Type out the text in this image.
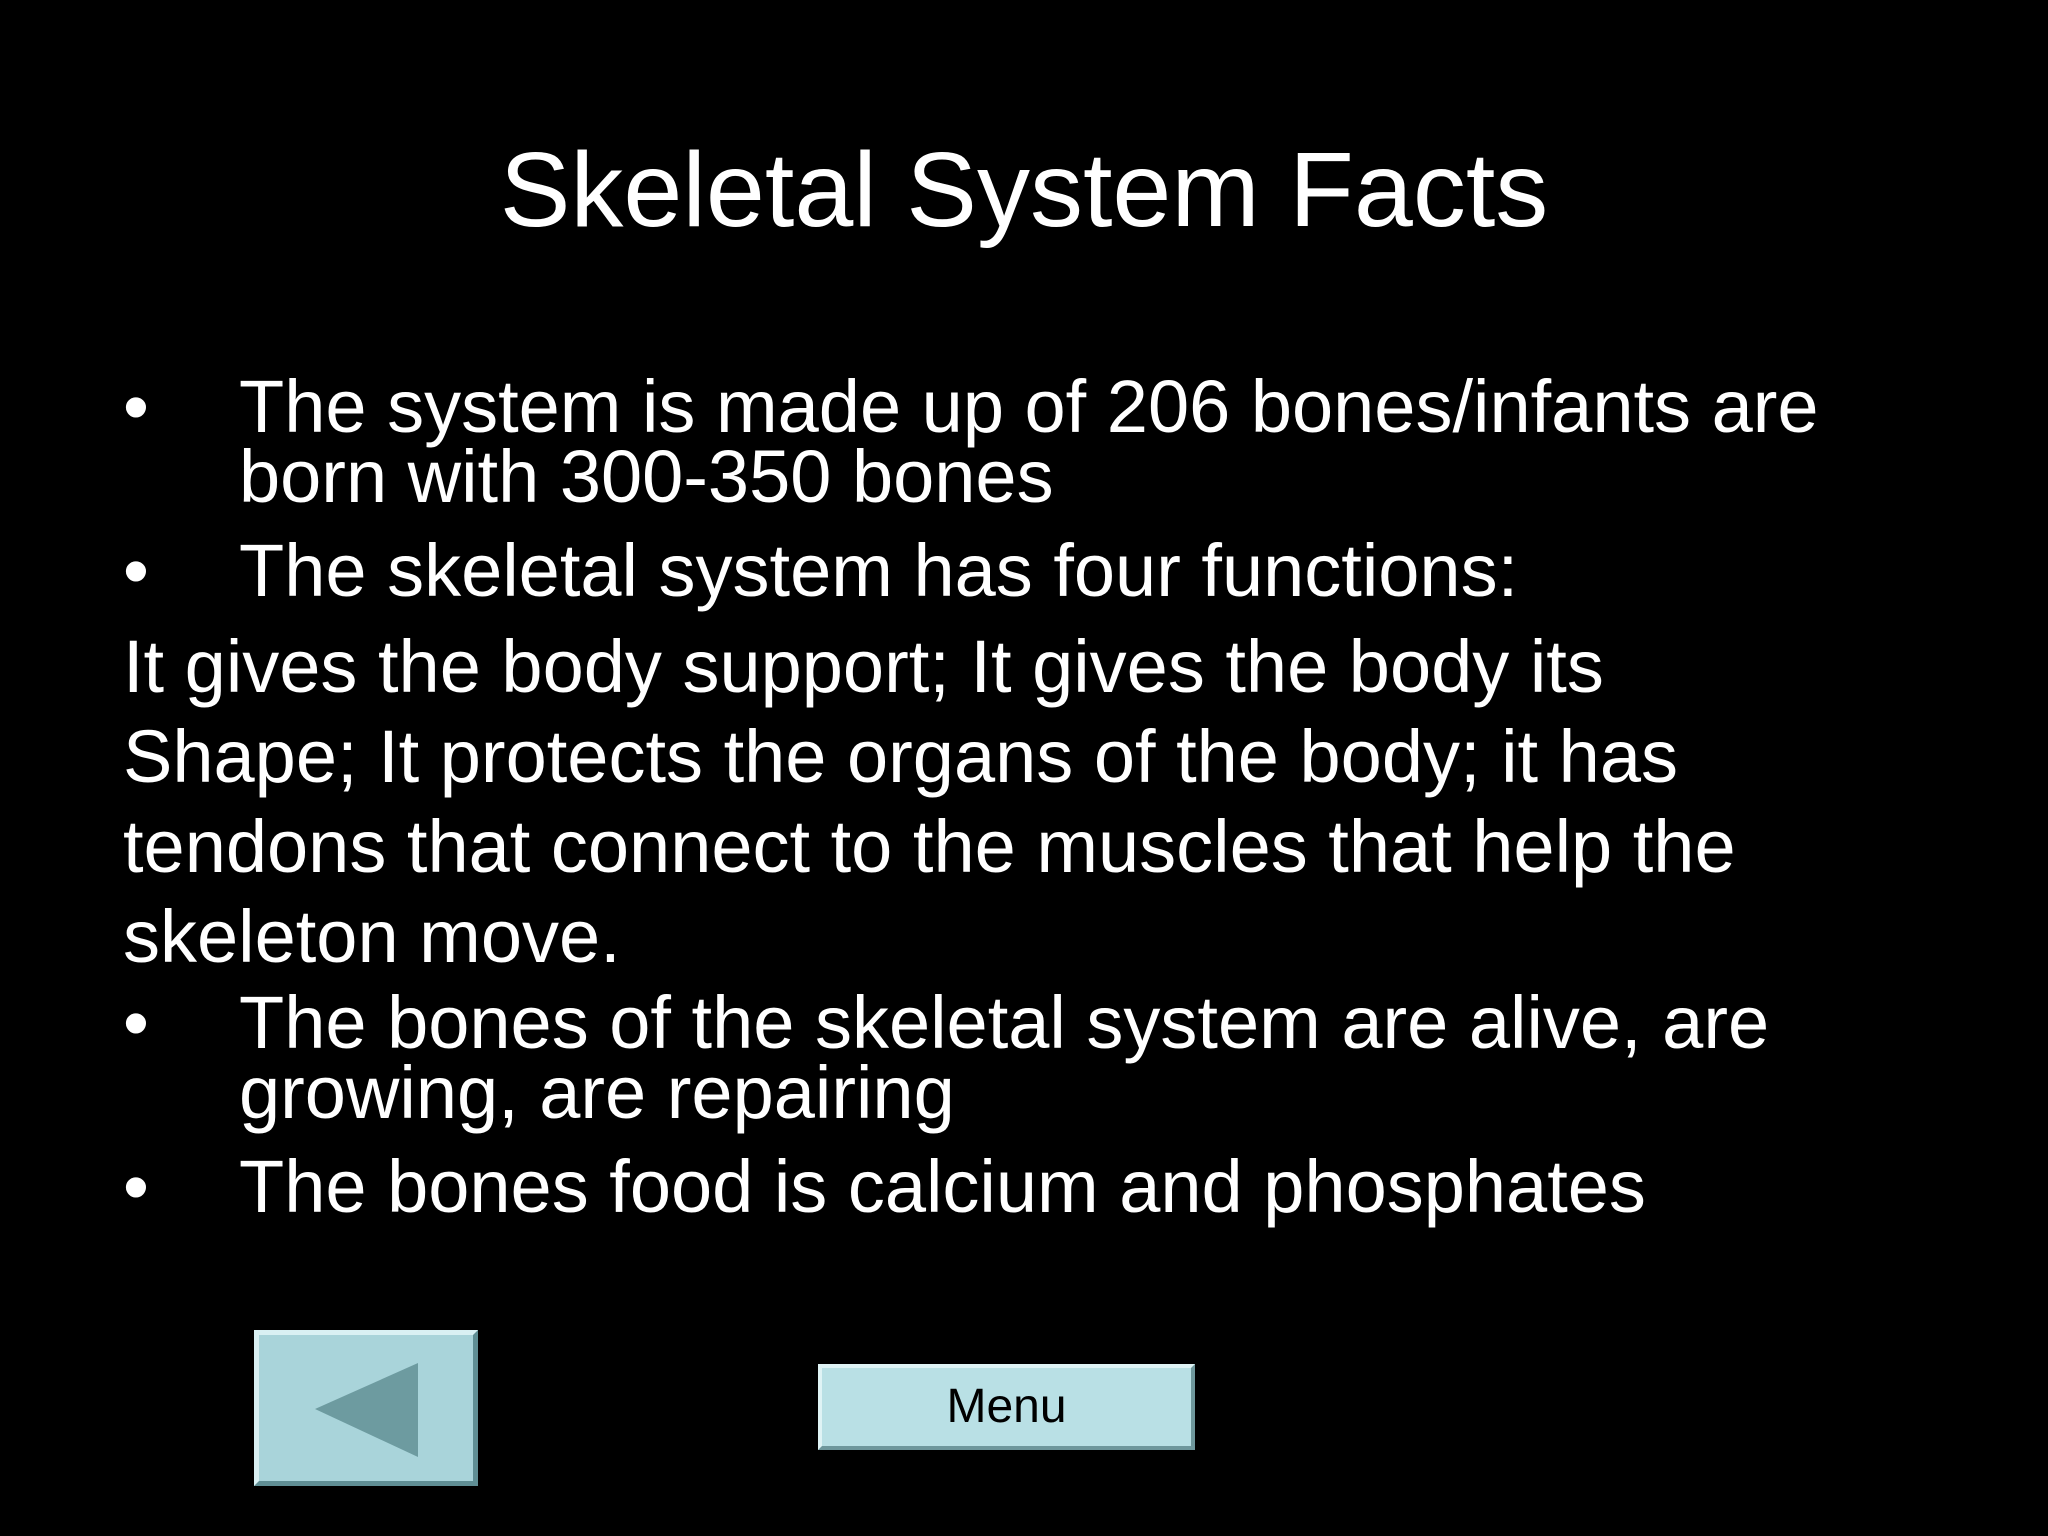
Skeletal System Facts
•	The system is made up of 206 bones/infants are born with 300-350 bones
•	The skeletal system has four functions:
It gives the body support; It gives the body its
Shape; It protects the organs of the body; it has
tendons that connect to the muscles that help the
skeleton move.
•	The bones of the skeletal system are alive, are growing, are repairing
•	The bones food is calcium and phosphates
Menu
